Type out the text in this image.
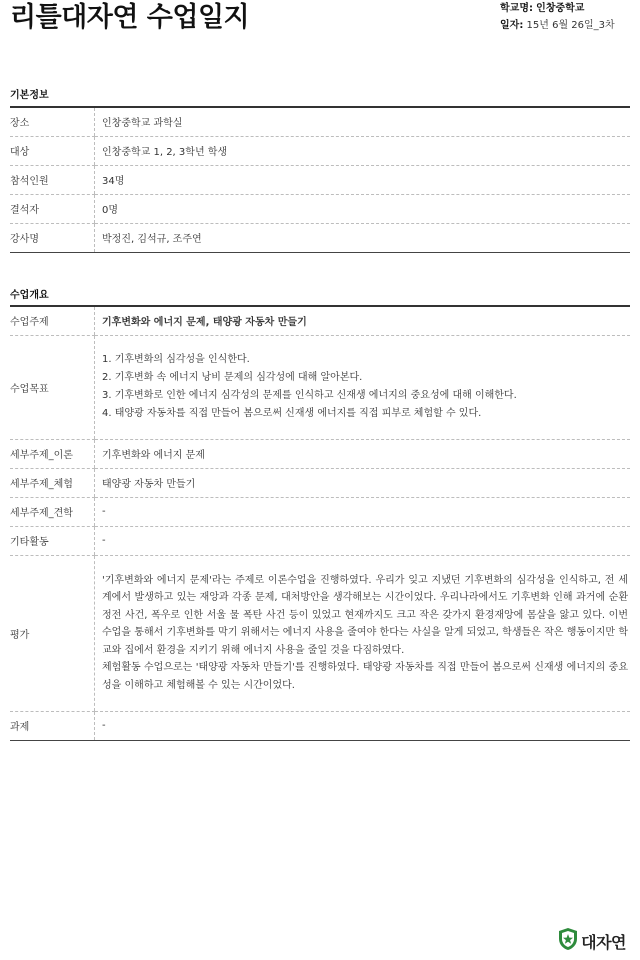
리틀대자연 수업일지	학교명: 인창중학교
일자: 15년 6월 26일_3차
기본정보
장소	인창중학교 과학실
대상	인창중학교 1, 2, 3학년 학생
참석인원	34명
결석자	0명
강사명	박정진, 김석규, 조주연
수업개요
수업주제	기후변화와 에너지 문제, 태양광 자동차 만들기
수업목표	1. 기후변화의 심각성을 인식한다.
2. 기후변화 속 에너지 낭비 문제의 심각성에 대해 알아본다.
3. 기후변화로 인한 에너지 심각성의 문제를 인식하고 신재생 에너지의 중요성에 대해 이해한다.
4. 태양광 자동차를 직접 만들어 봄으로써 신재생 에너지를 직접 피부로 체험할 수 있다.

세부주제_이론	기후변화와 에너지 문제
세부주제_체험	태양광 자동차 만들기
세부주제_견학	-
기타활동	-
평가	'기후변화와 에너지 문제'라는 주제로 이론수업을 진행하였다. 우리가 잊고 지냈던 기후변화의 심각성을 인식하고, 전 세계에서 발생하고 있는 재앙과 각종 문제, 대처방안을 생각해보는 시간이었다. 우리나라에서도 기후변화 인해 과거에 순환정전 사건, 폭우로 인한 서울 물 폭탄 사건 등이 있었고 현재까지도 크고 작은 갖가지 환경재앙에 몸살을 앓고 있다. 이번 수업을 통해서 기후변화를 막기 위해서는 에너지 사용을 줄여야 한다는 사실을 알게 되었고, 학생들은 작은 행동이지만 학교와 집에서 환경을 지키기 위해 에너지 사용을 줄일 것을 다짐하였다.
체험활동 수업으로는 '태양광 자동차 만들기'를 진행하였다. 태양광 자동차를 직접 만들어 봄으로써 신재생 에너지의 중요성을 이해하고 체험해볼 수 있는 시간이었다.

과제	-
대자연
